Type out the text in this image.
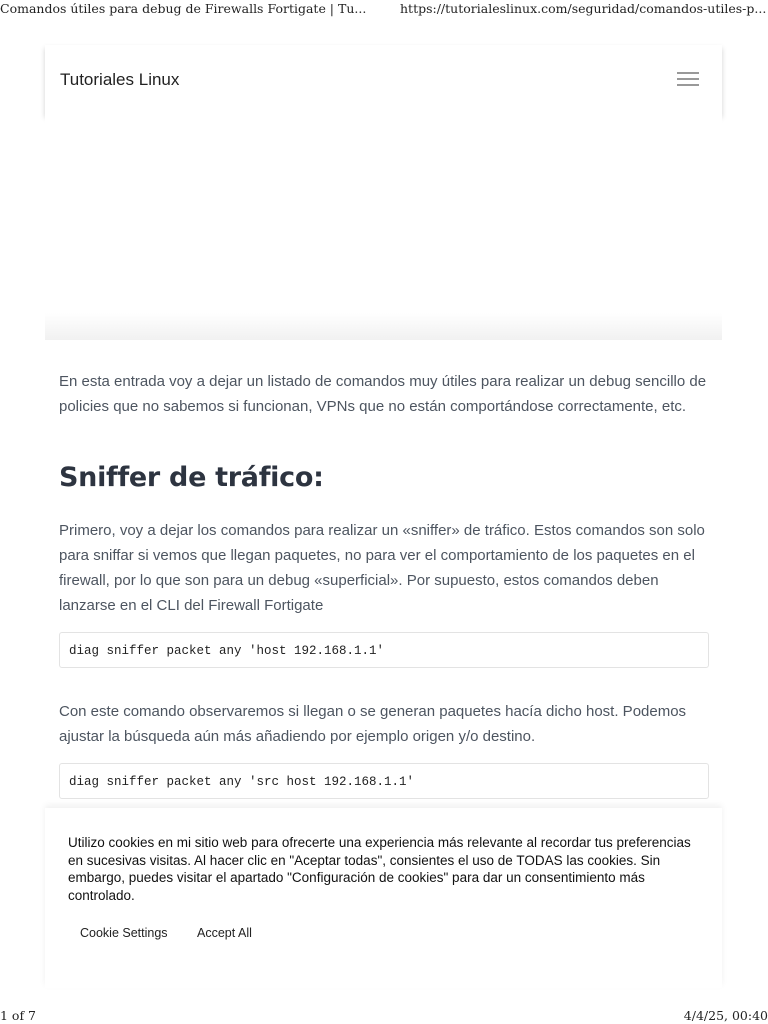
Comandos útiles para debug de Firewalls Fortigate | Tu...	https://tutorialeslinux.com/seguridad/comandos-utiles-p...
Tutoriales Linux

En esta entrada voy a dejar un listado de comandos muy útiles para realizar un debug sencillo de policies que no sabemos si funcionan, VPNs que no están comportándose correctamente, etc.

Sniffer de tráfico:

Primero, voy a dejar los comandos para realizar un «sniffer» de tráfico. Estos comandos son solo para sniffar si vemos que llegan paquetes, no para ver el comportamiento de los paquetes en el firewall, por lo que son para un debug «superficial». Por supuesto, estos comandos deben lanzarse en el CLI del Firewall Fortigate

diag sniffer packet any 'host 192.168.1.1'

Con este comando observaremos si llegan o se generan paquetes hacía dicho host. Podemos ajustar la búsqueda aún más añadiendo por ejemplo origen y/o destino.

diag sniffer packet any 'src host 192.168.1.1'
Utilizo cookies en mi sitio web para ofrecerte una experiencia más relevante al recordar tus preferencias en sucesivas visitas. Al hacer clic en "Aceptar todas", consientes el uso de TODAS las cookies. Sin embargo, puedes visitar el apartado "Configuración de cookies" para dar un consentimiento más controlado.
Cookie Settings	Accept All
1 of 7	4/4/25, 00:40
